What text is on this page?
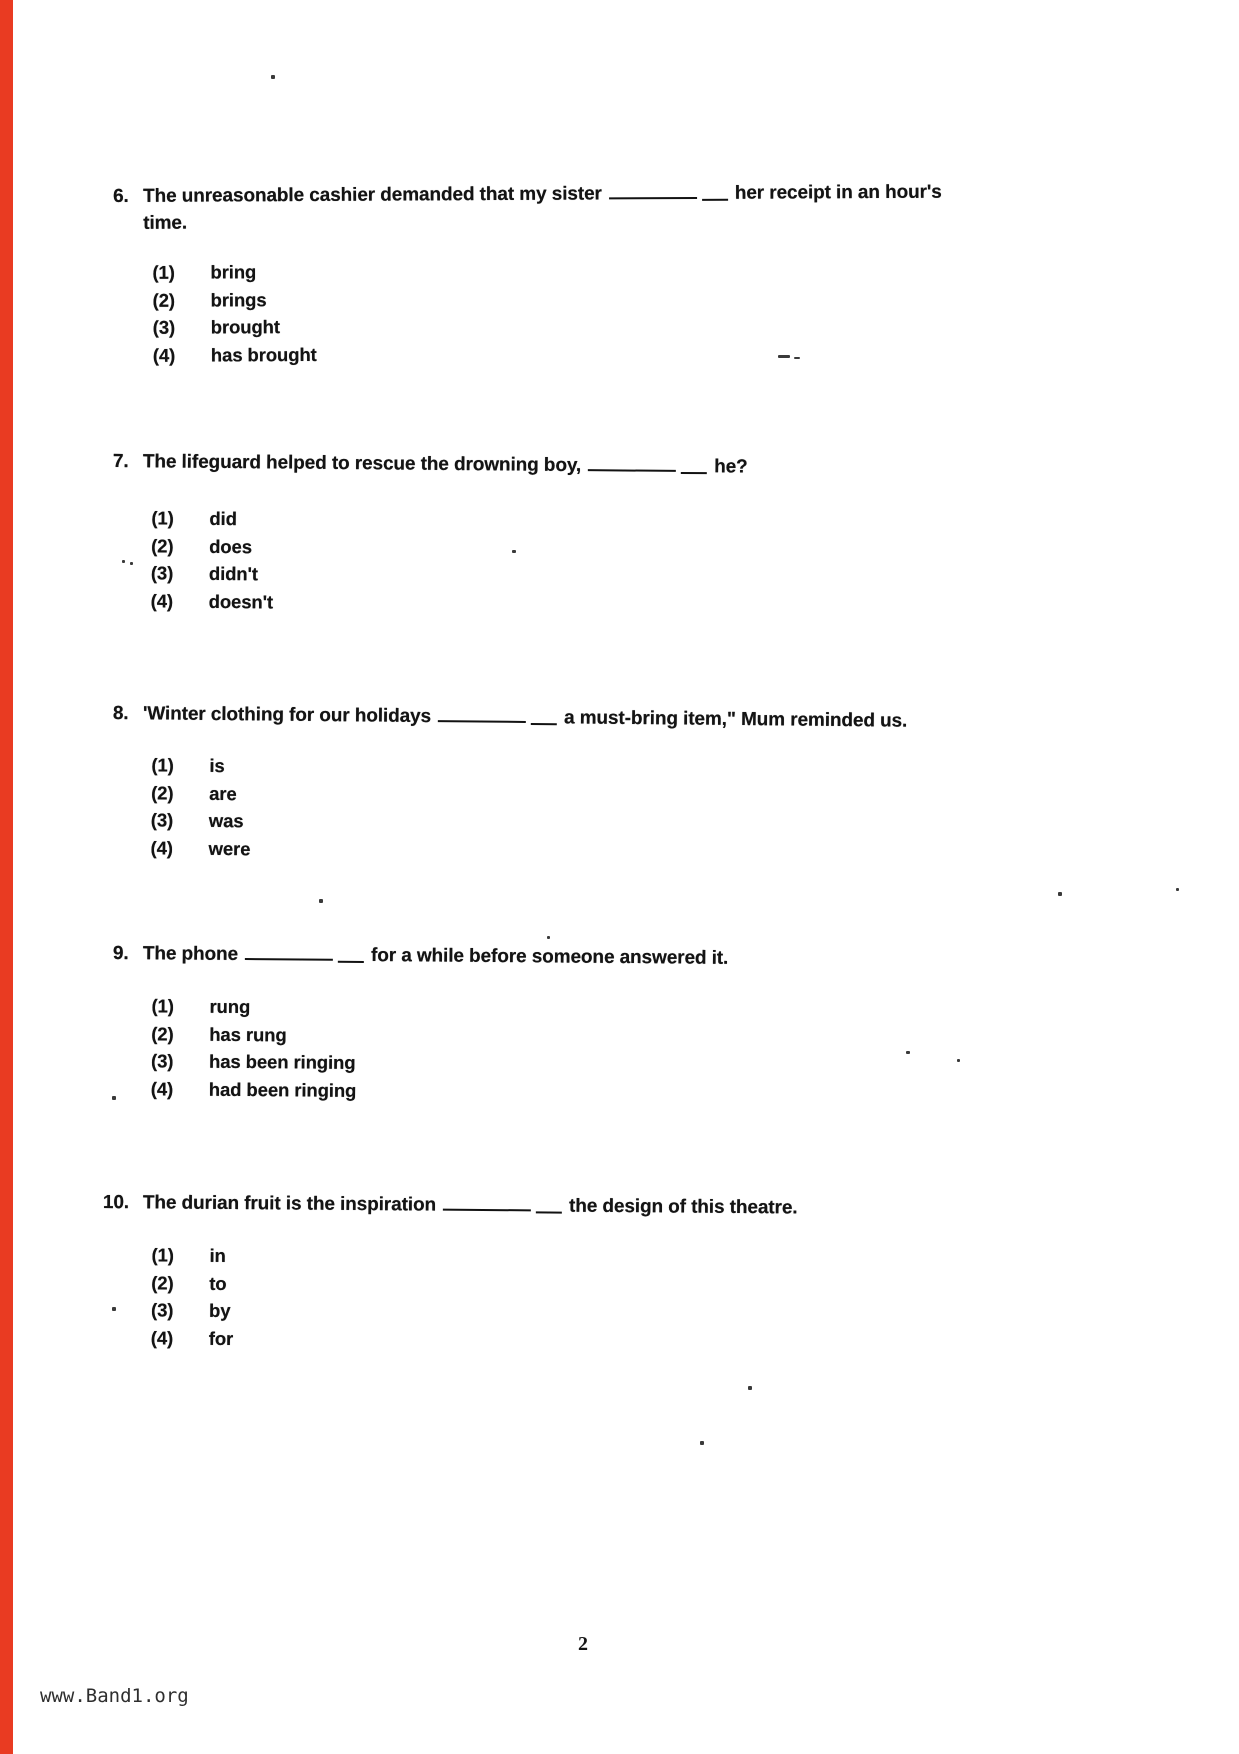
6. The unreasonable cashier demanded that my sister	her receipt in an hour's
time.
(1)	bring
(2)	brings
(3)	brought
(4)	has brought
7. The lifeguard helped to rescue the drowning boy,	he?
(1)	did
(2)	does
(3)	didn't
(4)	doesn't
8. 'Winter clothing for our holidays	a must-bring item," Mum reminded us.
(1)	is
(2)	are
(3)	was
(4)	were
9. The phone	for a while before someone answered it.
(1)	rung
(2)	has rung
(3)	has been ringing
(4)	had been ringing
10. The durian fruit is the inspiration	the design of this theatre.
(1)	in
(2)	to
(3)	by
(4)	for
2
www.Band1.org
